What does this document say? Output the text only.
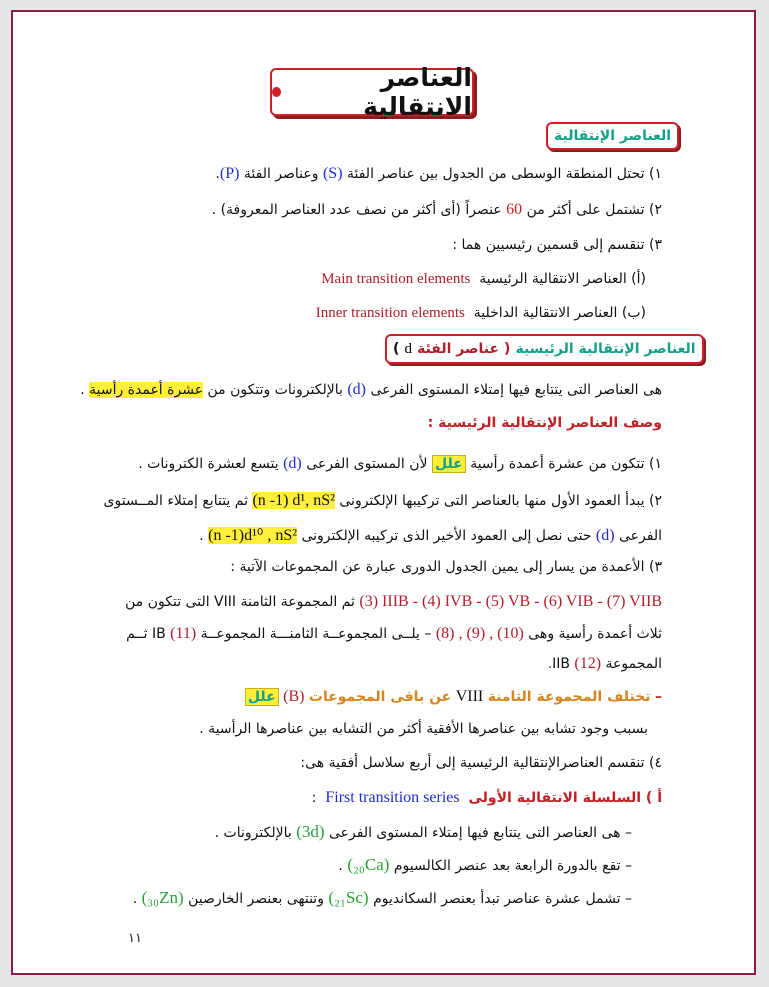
العناصر الانتقالية
العناصر الإنتقالية
١) تحتل المنطقة الوسطى من الجدول بين عناصر الفئة (S) وعناصر الفئة (P).
٢) تشتمل على أكثر من 60 عنصراً (أى أكثر من نصف عدد العناصر المعروفة) .
٣) تنقسم إلى قسمين رئيسيين هما :
(أ) العناصر الانتقالية الرئيسية  Main transition elements
(ب) العناصر الانتقالية الداخلية  Inner transition elements
العناصر الإنتقالية الرئيسية

( عناصر الفئة

d

)
هى العناصر التى يتتابع فيها إمتلاء المستوى الفرعى (d) بالإلكترونات وتتكون من عشرة أعمدة رأسية .
وصف العناصر الإنتقالية الرئيسية :
١) تتكون من عشرة أعمدة رأسية علل لأن المستوى الفرعى (d) يتسع لعشرة الكترونات .
٢) يبدأ العمود الأول منها بالعناصر التى تركيبها الإلكترونى (n -1) d¹, nS² ثم يتتابع إمتلاء المــستوى
الفرعى (d) حتى نصل إلى العمود الأخير الذى تركيبه الإلكترونى (n -1)d¹⁰ , nS² .
٣) الأعمدة من يسار إلى يمين الجدول الدورى عبارة عن المجموعات الآتية :
(3) IIIB - (4) IVB - (5) VB - (6) VIB - (7) VIIB ثم المجموعة الثامنة VIII التى تتكون من
ثلاث أعمدة رأسية وهى (8) , (9) , (10) – يلــى المجموعــة الثامنـــة المجموعــة IB (11) ثــم
المجموعة IIB (12).
– تختلف المجموعة الثامنة VIII عن باقى المجموعات (B) علل
بسبب وجود تشابه بين عناصرها الأفقية أكثر من التشابه بين عناصرها الرأسية .
٤) تنقسم العناصرالإنتقالية الرئيسية إلى أربع سلاسل أفقية هى:
أ ) السلسلة الانتقالية الأولى  First transition series  :
– هى العناصر التى يتتابع فيها إمتلاء المستوى الفرعى (3d) بالإلكترونات .
– تقع بالدورة الرابعة بعد عنصر الكالسيوم (₂₀Ca) .
– تشمل عشرة عناصر تبدأ بعنصر السكانديوم (₂₁Sc) وتنتهى بعنصر الخارصين (₃₀Zn) .
١١
